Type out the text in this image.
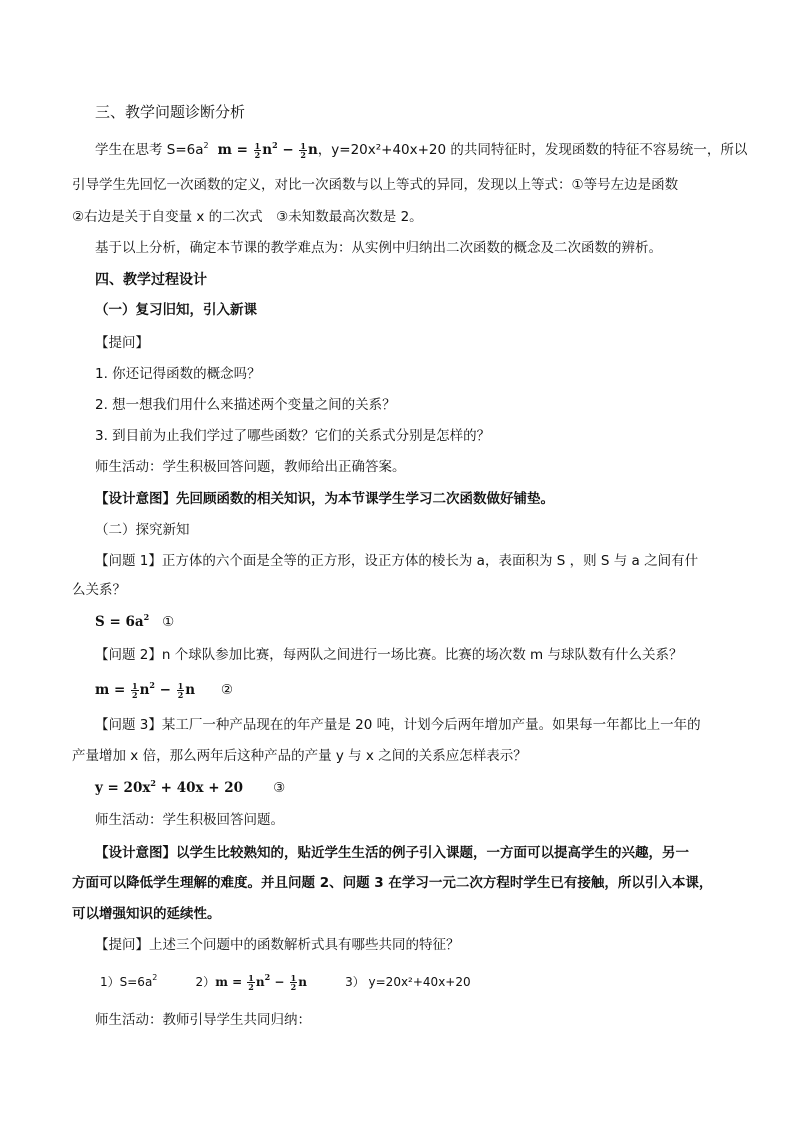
三、教学问题诊断分析
学生在思考 $S=6a^2$ $m = \frac{1}{2} n^2 - \frac{1}{2}$ n，y=20x²+40x+20 的共同特征时，发现函数的特征不容易统一，所以
引导学生先回忆一次函数的定义，对比一次函数与以上等式的异同，发现以上等式：①等号左边是函数
②右边是关于自变量 x 的二次式　③未知数最高次数是 2。
基于以上分析，确定本节课的教学难点为：从实例中归纳出二次函数的概念及二次函数的辨析。
四、教学过程设计
（一）复习旧知，引入新课
【提问】
1. 你还记得函数的概念吗？
2. 想一想我们用什么来描述两个变量之间的关系？
3. 到目前为止我们学过了哪些函数？它们的关系式分别是怎样的？
师生活动：学生积极回答问题，教师给出正确答案。
【设计意图】先回顾函数的相关知识，为本节课学生学习二次函数做好铺垫。
（二）探究新知
【问题 1】正方体的六个面是全等的正方形，设正方体的棱长为 a，表面积为 S ，则 S 与 a 之间有什
么关系？
$S = 6a^2$ ①
【问题 2】n 个球队参加比赛，每两队之间进行一场比赛。比赛的场次数 m 与球队数有什么关系？
$m = \frac{1}{2} n^2 - \frac{1}{2}$ n ②
【问题 3】某工厂一种产品现在的年产量是 20 吨，计划今后两年增加产量。如果每一年都比上一年的
产量增加 x 倍，那么两年后这种产品的产量 y 与 x 之间的关系应怎样表示？
$y = 20x^2 + 40x + 20$ ③
师生活动：学生积极回答问题。
【设计意图】以学生比较熟知的，贴近学生生活的例子引入课题，一方面可以提高学生的兴趣，另一
方面可以降低学生理解的难度。并且问题 2、问题 3 在学习一元二次方程时学生已有接触，所以引入本课，
可以增强知识的延续性。
【提问】上述三个问题中的函数解析式具有哪些共同的特征？
$1)S=6a^2$	$2)m = \frac{1}{2} n^2 - \frac{1}{2}$ n	3） y=20x²+40x+20
师生活动：教师引导学生共同归纳：
